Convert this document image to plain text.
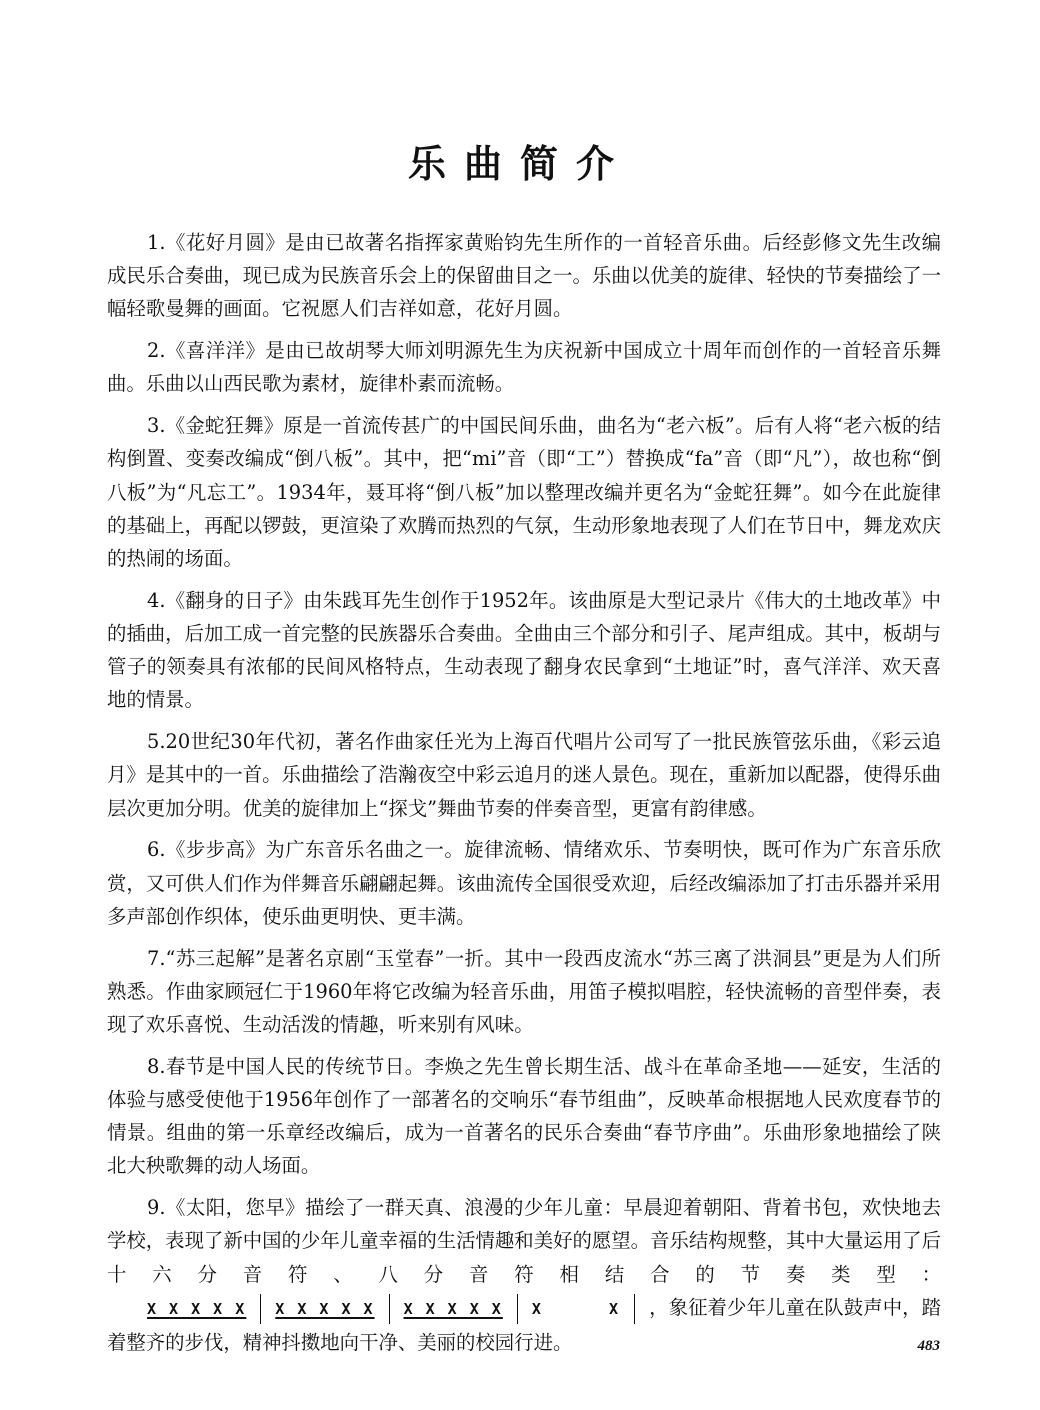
乐曲简介

1.《花好月圆》是由已故著名指挥家黄贻钧先生所作的一首轻音乐曲。后经彭修文先生改编成民乐合奏曲，现已成为民族音乐会上的保留曲目之一。乐曲以优美的旋律、轻快的节奏描绘了一幅轻歌曼舞的画面。它祝愿人们吉祥如意，花好月圆。

2.《喜洋洋》是由已故胡琴大师刘明源先生为庆祝新中国成立十周年而创作的一首轻音乐舞曲。乐曲以山西民歌为素材，旋律朴素而流畅。

3.《金蛇狂舞》原是一首流传甚广的中国民间乐曲，曲名为“老六板”。后有人将“老六板的结构倒置、变奏改编成“倒八板”。其中，把“mi”音（即“工”）替换成“fa”音（即“凡”），故也称“倒八板”为“凡忘工”。1934年，聂耳将“倒八板”加以整理改编并更名为“金蛇狂舞”。如今在此旋律的基础上，再配以锣鼓，更渲染了欢腾而热烈的气氛，生动形象地表现了人们在节日中，舞龙欢庆的热闹的场面。

4.《翻身的日子》由朱践耳先生创作于1952年。该曲原是大型记录片《伟大的土地改革》中的插曲，后加工成一首完整的民族器乐合奏曲。全曲由三个部分和引子、尾声组成。其中，板胡与管子的领奏具有浓郁的民间风格特点，生动表现了翻身农民拿到“土地证”时，喜气洋洋、欢天喜地的情景。

5.20世纪30年代初，著名作曲家任光为上海百代唱片公司写了一批民族管弦乐曲，《彩云追月》是其中的一首。乐曲描绘了浩瀚夜空中彩云追月的迷人景色。现在，重新加以配器，使得乐曲层次更加分明。优美的旋律加上“探戈”舞曲节奏的伴奏音型，更富有韵律感。

6.《步步高》为广东音乐名曲之一。旋律流畅、情绪欢乐、节奏明快，既可作为广东音乐欣赏，又可供人们作为伴舞音乐翩翩起舞。该曲流传全国很受欢迎，后经改编添加了打击乐器并采用多声部创作织体，使乐曲更明快、更丰满。

7.“苏三起解”是著名京剧“玉堂春”一折。其中一段西皮流水“苏三离了洪洞县”更是为人们所熟悉。作曲家顾冠仁于1960年将它改编为轻音乐曲，用笛子模拟唱腔，轻快流畅的音型伴奏，表现了欢乐喜悦、生动活泼的情趣，听来别有风味。

8.春节是中国人民的传统节日。李焕之先生曾长期生活、战斗在革命圣地——延安，生活的体验与感受使他于1956年创作了一部著名的交响乐“春节组曲”，反映革命根据地人民欢度春节的情景。组曲的第一乐章经改编后，成为一首著名的民乐合奏曲“春节序曲”。乐曲形象地描绘了陕北大秧歌舞的动人场面。

9.《太阳，您早》描绘了一群天真、浪漫的少年儿童：早晨迎着朝阳、背着书包，欢快地去学校，表现了新中国的少年儿童幸福的生活情趣和美好的愿望。音乐结构规整，其中大量运用了后十六分音符、八分音符相结合的节奏类型：X X X X X X X X X X X X X X X X      X ，象征着少年儿童在队鼓声中，踏着整齐的步伐，精神抖擞地向干净、美丽的校园行进。	483
